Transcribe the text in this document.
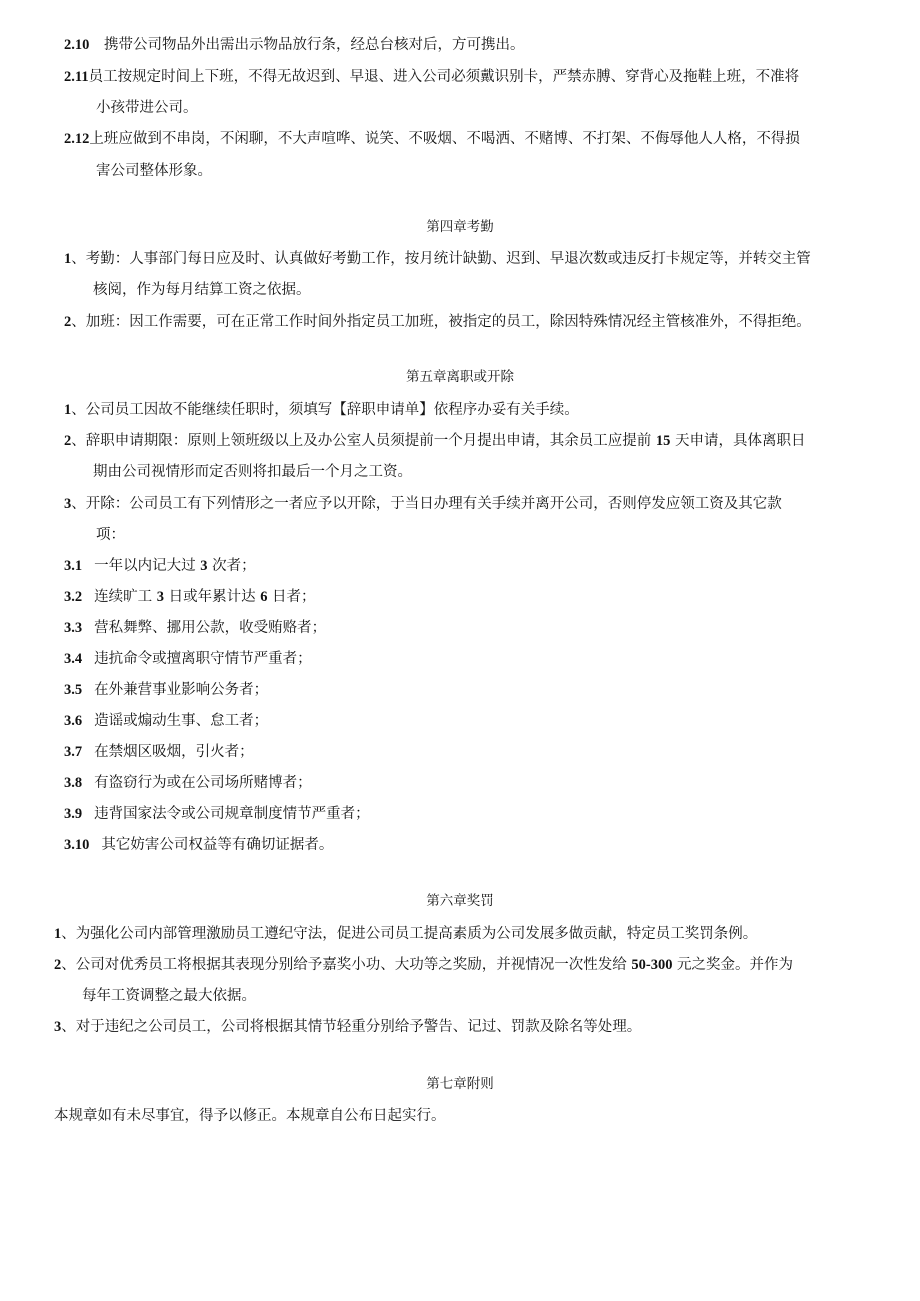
2.10 携带公司物品外出需出示物品放行条，经总台核对后，方可携出。
2.11员工按规定时间上下班，不得无故迟到、早退、进入公司必须戴识别卡，严禁赤膊、穿背心及拖鞋上班，不准将
小孩带进公司。
2.12上班应做到不串岗，不闲聊，不大声喧哗、说笑、不吸烟、不喝洒、不赌博、不打架、不侮辱他人人格，不得损
害公司整体形象。
第四章考勤
1、考勤：人事部门每日应及时、认真做好考勤工作，按月统计缺勤、迟到、早退次数或违反打卡规定等，并转交主管
核阅，作为每月结算工资之依据。
2、加班：因工作需要，可在正常工作时间外指定员工加班，被指定的员工，除因特殊情况经主管核准外，不得拒绝。
第五章离职或开除
1、公司员工因故不能继续任职时，须填写【辞职申请单】依程序办妥有关手续。
2、辞职申请期限：原则上领班级以上及办公室人员须提前一个月提出申请，其余员工应提前 15 天申请，具体离职日
期由公司视情形而定否则将扣最后一个月之工资。
3、开除：公司员工有下列情形之一者应予以开除，于当日办理有关手续并离开公司，否则停发应领工资及其它款
项：
3.1 一年以内记大过 3 次者；
3.2 连续旷工 3 日或年累计达 6 日者；
3.3 营私舞弊、挪用公款，收受贿赂者；
3.4 违抗命令或擅离职守情节严重者；
3.5 在外兼营事业影响公务者；
3.6 造谣或煽动生事、怠工者；
3.7 在禁烟区吸烟，引火者；
3.8 有盗窃行为或在公司场所赌博者；
3.9 违背国家法令或公司规章制度情节严重者；
3.10 其它妨害公司权益等有确切证据者。
第六章奖罚
1、为强化公司内部管理激励员工遵纪守法，促进公司员工提高素质为公司发展多做贡献，特定员工奖罚条例。
2、公司对优秀员工将根据其表现分别给予嘉奖小功、大功等之奖励，并视情况一次性发给 50-300 元之奖金。并作为
每年工资调整之最大依据。
3、对于违纪之公司员工，公司将根据其情节轻重分别给予警告、记过、罚款及除名等处理。
第七章附则
本规章如有未尽事宜，得予以修正。本规章自公布日起实行。
